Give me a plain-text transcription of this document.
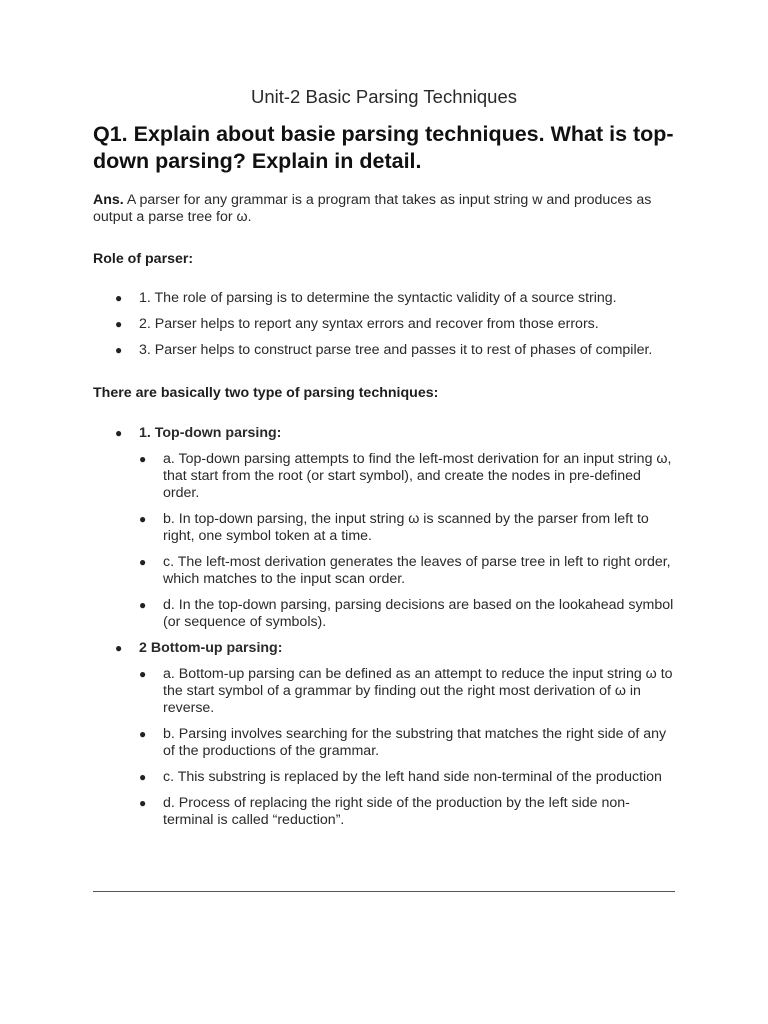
Unit-2 Basic Parsing Techniques
Q1. Explain about basie parsing techniques. What is top-down parsing? Explain in detail.

Ans. A parser for any grammar is a program that takes as input string w and produces as output a parse tree for ω.

Role of parser:

● 1. The role of parsing is to determine the syntactic validity of a source string.
● 2. Parser helps to report any syntax errors and recover from those errors.
● 3. Parser helps to construct parse tree and passes it to rest of phases of compiler.

There are basically two type of parsing techniques:

● 1. Top-down parsing:
● a. Top-down parsing attempts to find the left-most derivation for an input string ω, that start from the root (or start symbol), and create the nodes in pre-defined order.
● b. In top-down parsing, the input string ω is scanned by the parser from left to right, one symbol token at a time.
● c. The left-most derivation generates the leaves of parse tree in left to right order, which matches to the input scan order.
● d. In the top-down parsing, parsing decisions are based on the lookahead symbol (or sequence of symbols).
● 2 Bottom-up parsing:
● a. Bottom-up parsing can be defined as an attempt to reduce the input string ω to the start symbol of a grammar by finding out the right most derivation of ω in reverse.
● b. Parsing involves searching for the substring that matches the right side of any of the productions of the grammar.
● c. This substring is replaced by the left hand side non-terminal of the production
● d. Process of replacing the right side of the production by the left side non-terminal is called “reduction”.
